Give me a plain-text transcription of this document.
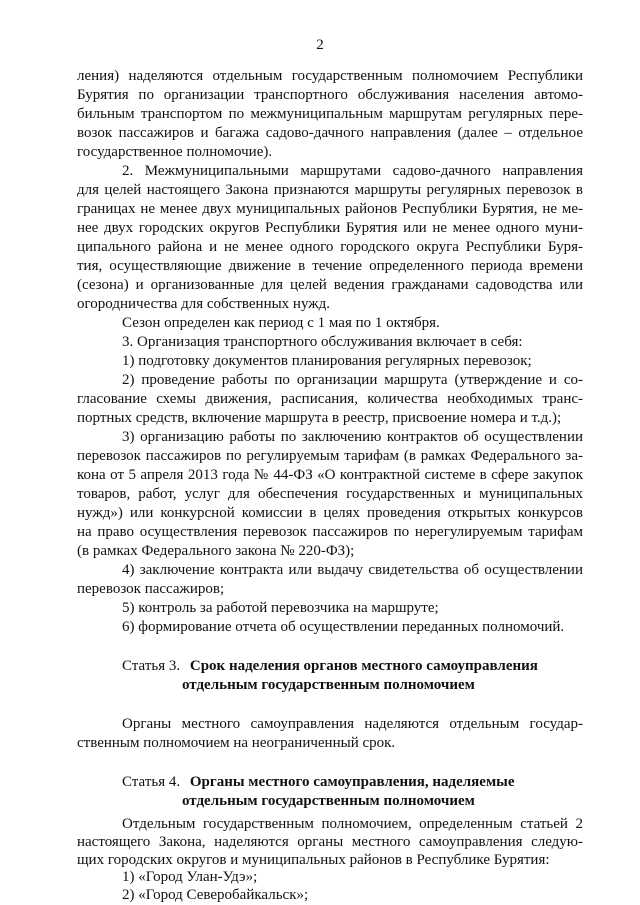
2
ления) наделяются отдельным государственным полномочием Республики
Бурятия по организации транспортного обслуживания населения автомо-
бильным транспортом по межмуниципальным маршрутам регулярных пере-
возок пассажиров и багажа садово-дачного направления (далее – отдельное
государственное полномочие).
2. Межмуниципальными маршрутами садово-дачного направления
для целей настоящего Закона признаются маршруты регулярных перевозок в
границах не менее двух муниципальных районов Республики Бурятия, не ме-
нее двух городских округов Республики Бурятия или не менее одного муни-
ципального района и не менее одного городского округа Республики Буря-
тия, осуществляющие движение в течение определенного периода времени
(сезона) и организованные для целей ведения гражданами садоводства или
огородничества для собственных нужд.
Сезон определен как период с 1 мая по 1 октября.
3. Организация транспортного обслуживания включает в себя:
1) подготовку документов планирования регулярных перевозок;
2) проведение работы по организации маршрута (утверждение и со-
гласование схемы движения, расписания, количества необходимых транс-
портных средств, включение маршрута в реестр, присвоение номера и т.д.);
3) организацию работы по заключению контрактов об осуществлении
перевозок пассажиров по регулируемым тарифам (в рамках Федерального за-
кона от 5 апреля 2013 года № 44-ФЗ «О контрактной системе в сфере закупок
товаров, работ, услуг для обеспечения государственных и муниципальных
нужд») или конкурсной комиссии в целях проведения открытых конкурсов
на право осуществления перевозок пассажиров по нерегулируемым тарифам
(в рамках Федерального закона № 220-ФЗ);
4) заключение контракта или выдачу свидетельства об осуществлении
перевозок пассажиров;
5) контроль за работой перевозчика на маршруте;
6) формирование отчета об осуществлении переданных полномочий.
Статья 3. Срок наделения органов местного самоуправления
отдельным государственным полномочием
Органы местного самоуправления наделяются отдельным государ-
ственным полномочием на неограниченный срок.
Статья 4. Органы местного самоуправления, наделяемые
отдельным государственным полномочием
Отдельным государственным полномочием, определенным статьей 2
настоящего Закона, наделяются органы местного самоуправления следую-
щих городских округов и муниципальных районов в Республике Бурятия:
1) «Город Улан-Удэ»;
2) «Город Северобайкальск»;
